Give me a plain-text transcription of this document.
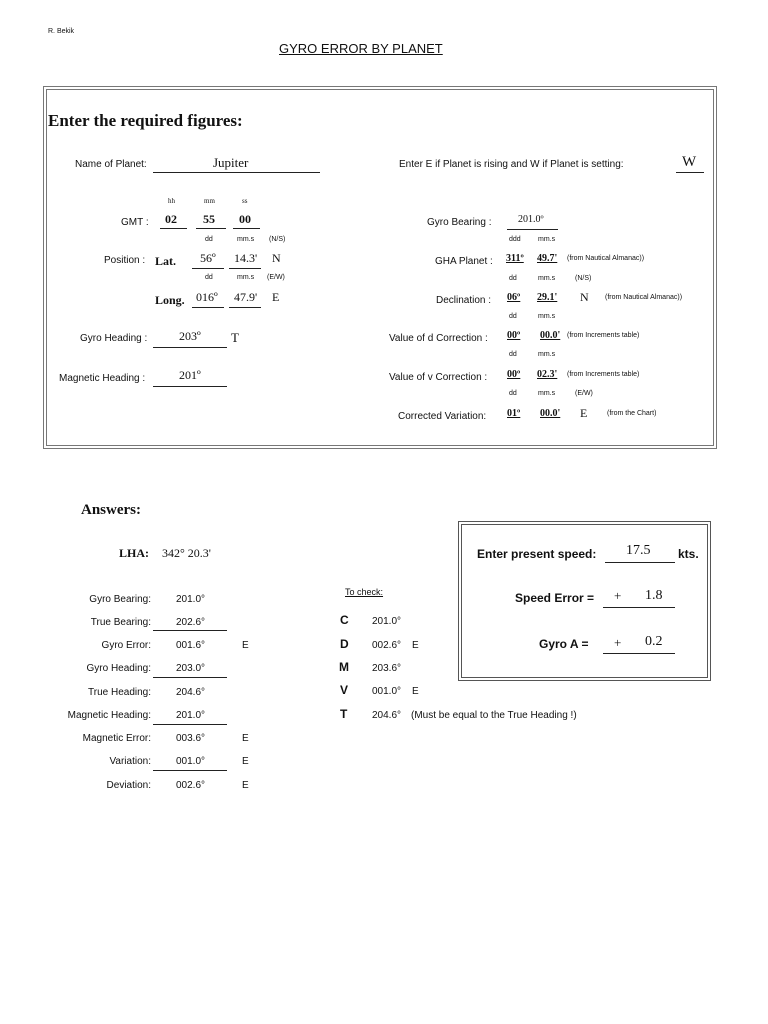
R. Bekik
GYRO ERROR BY PLANET
Enter the required figures:
Name of Planet:	Jupiter	Enter E if Planet is rising and W if Planet is setting:	W
hh	mm	ss
GMT : 02 55 00
dd	mm.s (N/S)
Position : Lat. 56º 14.3' N
dd	mm.s (E/W)
Long. 016º 47.9' E
Gyro Heading :	203º T
Magnetic Heading :	201º
Gyro Bearing :	201.0º
ddd mm.s
GHA Planet : 311º 49.7' (from Nautical Almanac))
dd	mm.s	(N/S)
Declination : 06º 29.1' N (from Nautical Almanac))
dd	mm.s
Value of d Correction : 00º 00.0' (from Increments table)
dd	mm.s
Value of v Correction : 00º 02.3' (from Increments table)
dd	mm.s	(E/W)
Corrected Variation: 01º 00.0' E	(from the Chart)
Answers:
LHA: 342° 20.3'
Gyro Bearing:	201.0°
True Bearing:	202.6°
Gyro Error:	001.6°	E
Gyro Heading:	203.0°
True Heading:	204.6°
Magnetic Heading:	201.0°
Magnetic Error:	003.6°	E
Variation:	001.0°	E
Deviation:	002.6°	E
To check:
C 201.0°
D 002.6° E
M 203.6°
V 001.0° E
T 204.6° (Must be equal to the True Heading !)
Enter present speed: 17.5 kts.
Speed Error = + 1.8
Gyro A = + 0.2
